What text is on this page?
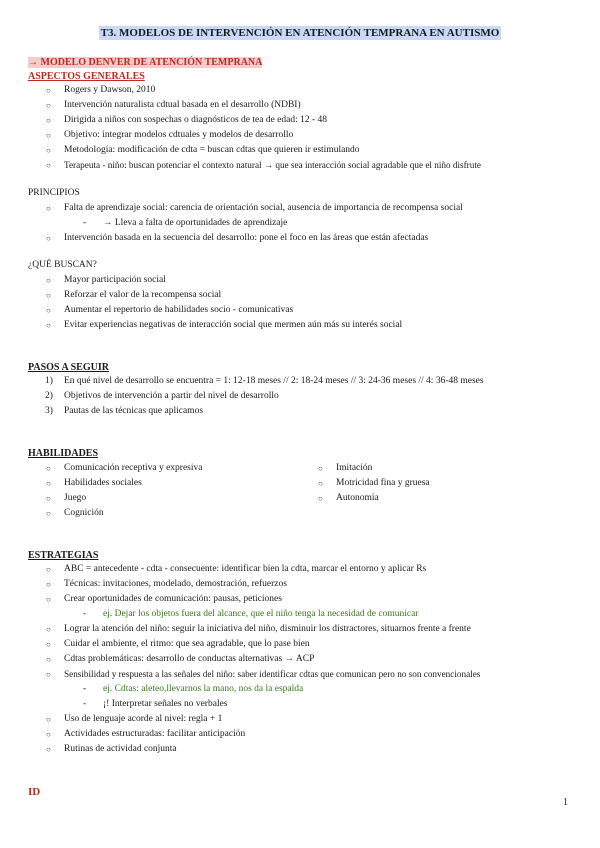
T3. MODELOS DE INTERVENCIÓN EN ATENCIÓN TEMPRANA EN AUTISMO
→ MODELO DENVER DE ATENCIÓN TEMPRANA
ASPECTOS GENERALES
○ Rogers y Dawson, 2010
○ Intervención naturalista cdtual basada en el desarrollo (NDBI)
○ Dirigida a niños con sospechas o diagnósticos de tea de edad: 12 - 48
○ Objetivo: integrar modelos cdtuales y modelos de desarrollo
○ Metodología: modificación de cdta = buscan cdtas que quieren ir estimulando
○ Terapeuta - niño: buscan potenciar el contexto natural → que sea interacción social agradable que el niño disfrute
PRINCIPIOS
○ Falta de aprendizaje social: carencia de orientación social, ausencia de importancia de recompensa social
- → Lleva a falta de oportunidades de aprendizaje
○ Intervención basada en la secuencia del desarrollo: pone el foco en las áreas que están afectadas
¿QUÉ BUSCAN?
○ Mayor participación social
○ Reforzar el valor de la recompensa social
○ Aumentar el repertorio de habilidades socio - comunicativas
○ Evitar experiencias negativas de interacción social que mermen aún más su interés social
PASOS A SEGUIR
1) En qué nivel de desarrollo se encuentra = 1: 12-18 meses // 2: 18-24 meses // 3: 24-36 meses // 4: 36-48 meses
2) Objetivos de intervención a partir del nivel de desarrollo
3) Pautas de las técnicas que aplicamos
HABILIDADES
○ Comunicación receptiva y expresiva
○ Habilidades sociales
○ Juego
○ Cognición
○ Imitación
○ Motricidad fina y gruesa
○ Autonomía
ESTRATEGIAS
○ ABC = antecedente - cdta - consecuente: identificar bien la cdta, marcar el entorno y aplicar Rs
○ Técnicas: invitaciones, modelado, demostración, refuerzos
○ Crear oportunidades de comunicación: pausas, peticiones
- ej. Dejar los objetos fuera del alcance, que el niño tenga la necesidad de comunicar
○ Lograr la atención del niño: seguir la iniciativa del niño, disminuir los distractores, situarnos frente a frente
○ Cuidar el ambiente, el ritmo: que sea agradable, que lo pase bien
○ Cdtas problemáticas: desarrollo de conductas alternativas → ACP
○ Sensibilidad y respuesta a las señales del niño: saber identificar cdtas que comunican pero no son convencionales
- ej. Cdtas: aleteo,llevarnos la mano, nos da la espalda
- ¡! Interpretar señales no verbales
○ Uso de lenguaje acorde al nivel: regla + 1
○ Actividades estructuradas: facilitar anticipación
○ Rutinas de actividad conjunta
ID
1
